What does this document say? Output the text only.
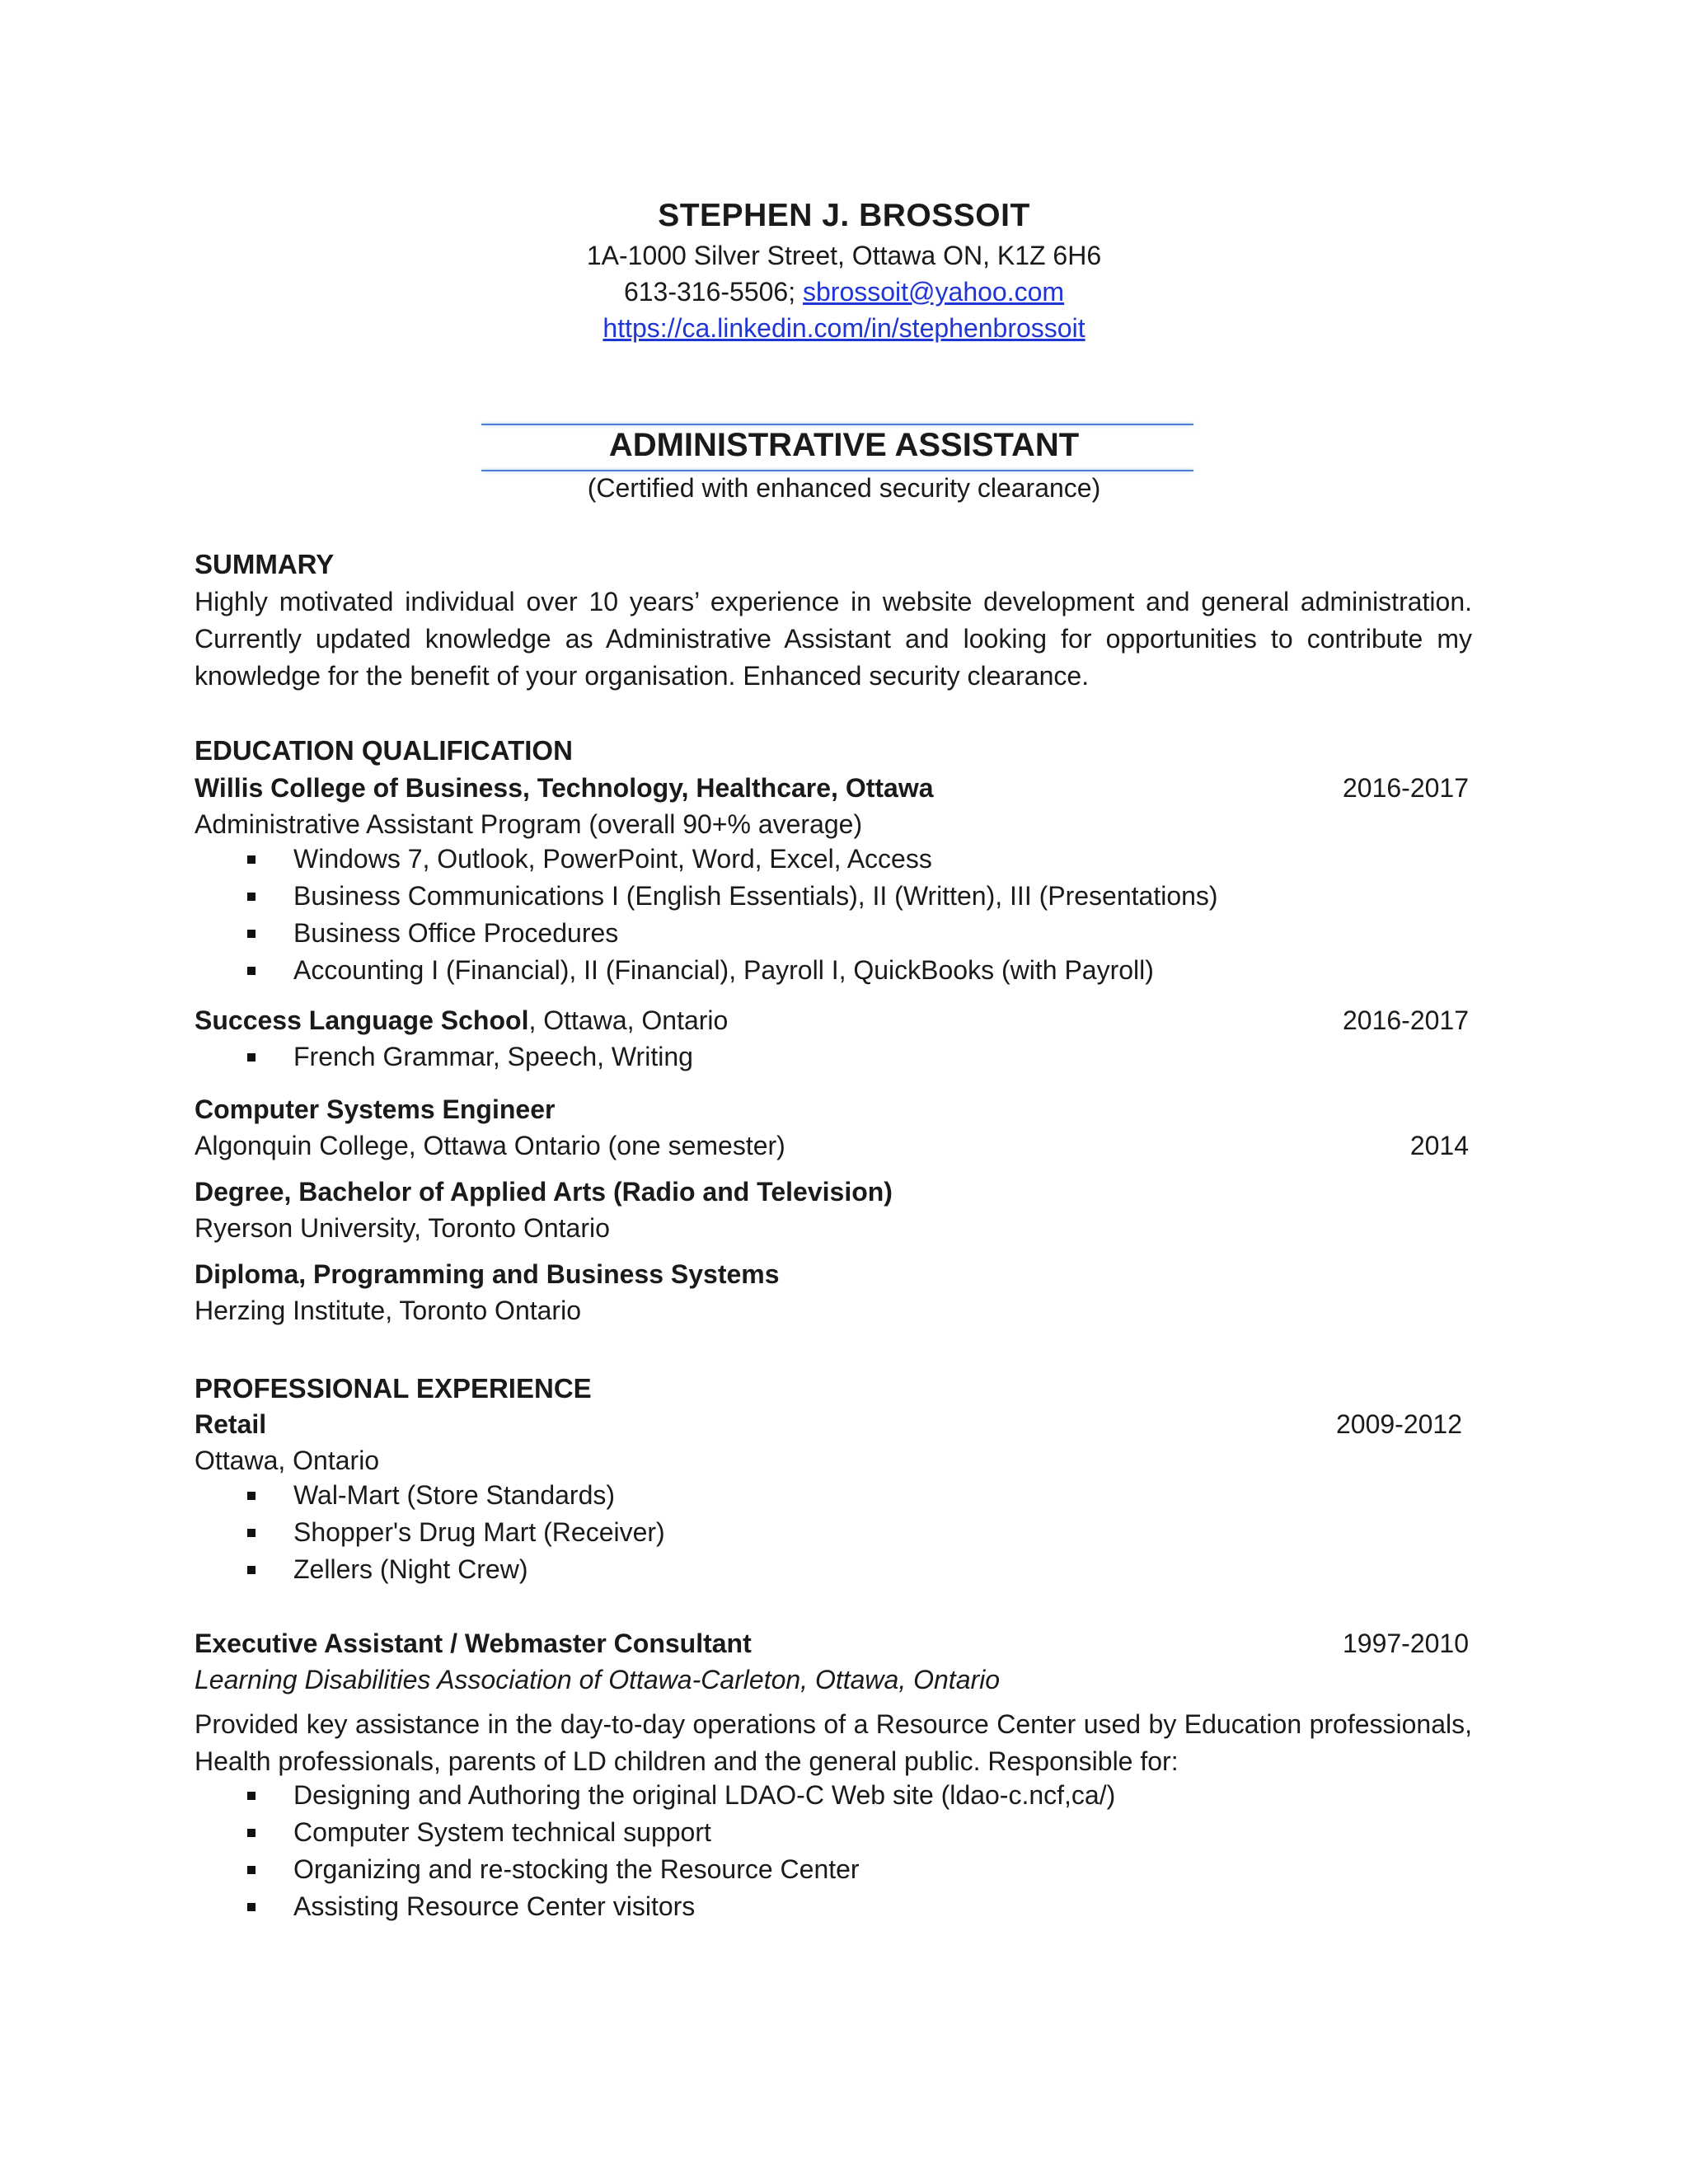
STEPHEN J. BROSSOIT
1A-1000 Silver Street, Ottawa ON, K1Z 6H6
613-316-5506; sbrossoit@yahoo.com
https://ca.linkedin.com/in/stephenbrossoit
ADMINISTRATIVE ASSISTANT
(Certified with enhanced security clearance)
SUMMARY
Highly motivated individual over 10 years’ experience in website development and general administration. Currently updated knowledge as Administrative Assistant and looking for opportunities to contribute my knowledge for the benefit of your organisation. Enhanced security clearance.
EDUCATION QUALIFICATION
Willis College of Business, Technology, Healthcare, Ottawa	2016-2017
Administrative Assistant Program (overall 90+% average)
Windows 7, Outlook, PowerPoint, Word, Excel, Access
Business Communications I (English Essentials), II (Written), III (Presentations)
Business Office Procedures
Accounting I (Financial), II (Financial), Payroll I, QuickBooks (with Payroll)
Success Language School, Ottawa, Ontario	2016-2017
French Grammar, Speech, Writing
Computer Systems Engineer
Algonquin College, Ottawa Ontario (one semester)	2014
Degree, Bachelor of Applied Arts (Radio and Television)
Ryerson University, Toronto Ontario
Diploma, Programming and Business Systems
Herzing Institute, Toronto Ontario
PROFESSIONAL EXPERIENCE
Retail	2009-2012
Ottawa, Ontario
Wal-Mart (Store Standards)
Shopper's Drug Mart (Receiver)
Zellers (Night Crew)
Executive Assistant / Webmaster Consultant	1997-2010
Learning Disabilities Association of Ottawa-Carleton, Ottawa, Ontario
Provided key assistance in the day-to-day operations of a Resource Center used by Education professionals, Health professionals, parents of LD children and the general public. Responsible for:
Designing and Authoring the original LDAO-C Web site (ldao-c.ncf,ca/)
Computer System technical support
Organizing and re-stocking the Resource Center
Assisting Resource Center visitors
